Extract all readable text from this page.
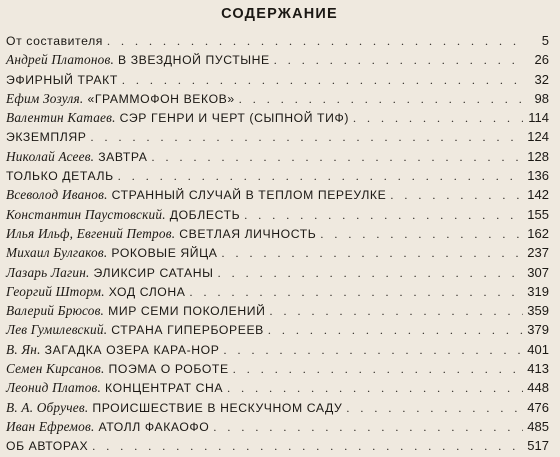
СОДЕРЖАНИЕ
От составителя . . .	5
Андрей Платонов. В ЗВЕЗДНОЙ ПУСТЫНЕ . . .	26
ЭФИРНЫЙ ТРАКТ . . .	32
Ефим Зозуля. «ГРАММОФОН ВЕКОВ» . . .	98
Валентин Катаев. СЭР ГЕНРИ И ЧЕРТ (СЫПНОЙ ТИФ) . . .	114
ЭКЗЕМПЛЯР . . .	124
Николай Асеев. ЗАВТРА . . .	128
ТОЛЬКО ДЕТАЛЬ . . .	136
Всеволод Иванов. СТРАННЫЙ СЛУЧАЙ В ТЕПЛОМ ПЕРЕУЛКЕ . . .	142
Константин Паустовский. ДОБЛЕСТЬ . . .	155
Илья Ильф, Евгений Петров. СВЕТЛАЯ ЛИЧНОСТЬ . . .	162
Михаил Булгаков. РОКОВЫЕ ЯЙЦА . . .	237
Лазарь Лагин. ЭЛИКСИР САТАНЫ . . .	307
Георгий Шторм. ХОД СЛОНА . . .	319
Валерий Брюсов. МИР СЕМИ ПОКОЛЕНИЙ . . .	359
Лев Гумилевский. СТРАНА ГИПЕРБОРЕЕВ . . .	379
В. Ян. ЗАГАДКА ОЗЕРА КАРА-НОР . . .	401
Семен Кирсанов. ПОЭМА О РОБОТЕ . . .	413
Леонид Платов. КОНЦЕНТРАТ СНА . . .	448
В. А. Обручев. ПРОИСШЕСТВИЕ В НЕСКУЧНОМ САДУ . . .	476
Иван Ефремов. АТОЛЛ ФАКАОФО . . .	485
ОБ АВТОРАХ . . .	517
